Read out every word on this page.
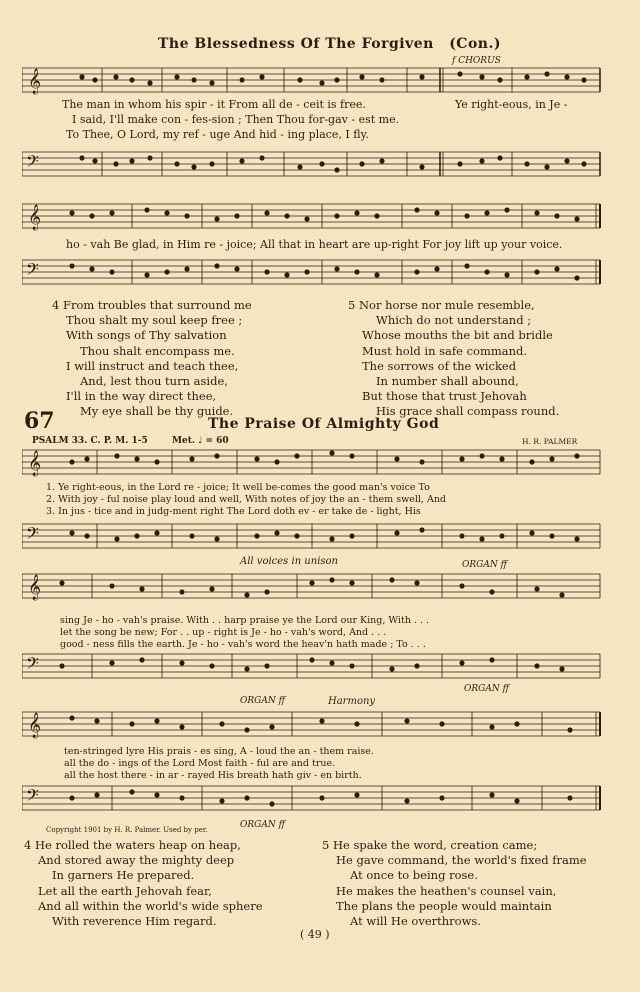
The Blessedness Of The Forgiven (Con.)
f CHORUS
𝄞
The man in whom his spir - it From all de - ceit is free.	Ye right-eous, in Je -
I said, I'll make con - fes-sion ; Then Thou for-gav - est me.
To Thee, O Lord, my ref - uge And hid - ing place, I fly.
𝄢
𝄞
ho - vah Be glad, in Him re - joice; All that in heart are up-right For joy lift up your voice.
𝄢
4 From troubles that surround me
Thou shalt my soul keep free ;
With songs of Thy salvation
Thou shalt encompass me.
I will instruct and teach thee,
And, lest thou turn aside,
I'll in the way direct thee,
My eye shall be thy guide.
5 Nor horse nor mule resemble,
Which do not understand ;
Whose mouths the bit and bridle
Must hold in safe command.
The sorrows of the wicked
In number shall abound,
But those that trust Jehovah
His grace shall compass round.
67	The Praise Of Almighty God
PSALM 33. C. P. M. 1-5	Met. ♩ = 60	H. R. PALMER
𝄞
1. Ye right-eous, in the Lord re - joice; It well be-comes the good man's voice To
2. With joy - ful noise play loud and well, With notes of joy the an - them swell, And
3. In jus - tice and in judg-ment right The Lord doth ev - er take de - light, His
𝄢
All voices in unison	ORGAN ff
𝄞
sing Je - ho - vah's praise. With . . harp praise ye the Lord our King, With . . .
let the song be new; For . . up - right is Je - ho - vah's word, And . . .
good - ness fills the earth. Je - ho - vah's word the heav'n hath made ; To . . .
𝄢
ORGAN ff
ORGAN ff	Harmony
𝄞
ten-stringed lyre His prais - es sing, A - loud the an - them raise.
all the do - ings of the Lord Most faith - ful are and true.
all the host there - in ar - rayed His breath hath giv - en birth.
𝄢
Copyright 1901 by H. R. Palmer. Used by per.	ORGAN ff
4 He rolled the waters heap on heap,
And stored away the mighty deep
In garners He prepared.
Let all the earth Jehovah fear,
And all within the world's wide sphere
With reverence Him regard.
5 He spake the word, creation came;
He gave command, the world's fixed frame
At once to being rose.
He makes the heathen's counsel vain,
The plans the people would maintain
At will He overthrows.
( 49 )
